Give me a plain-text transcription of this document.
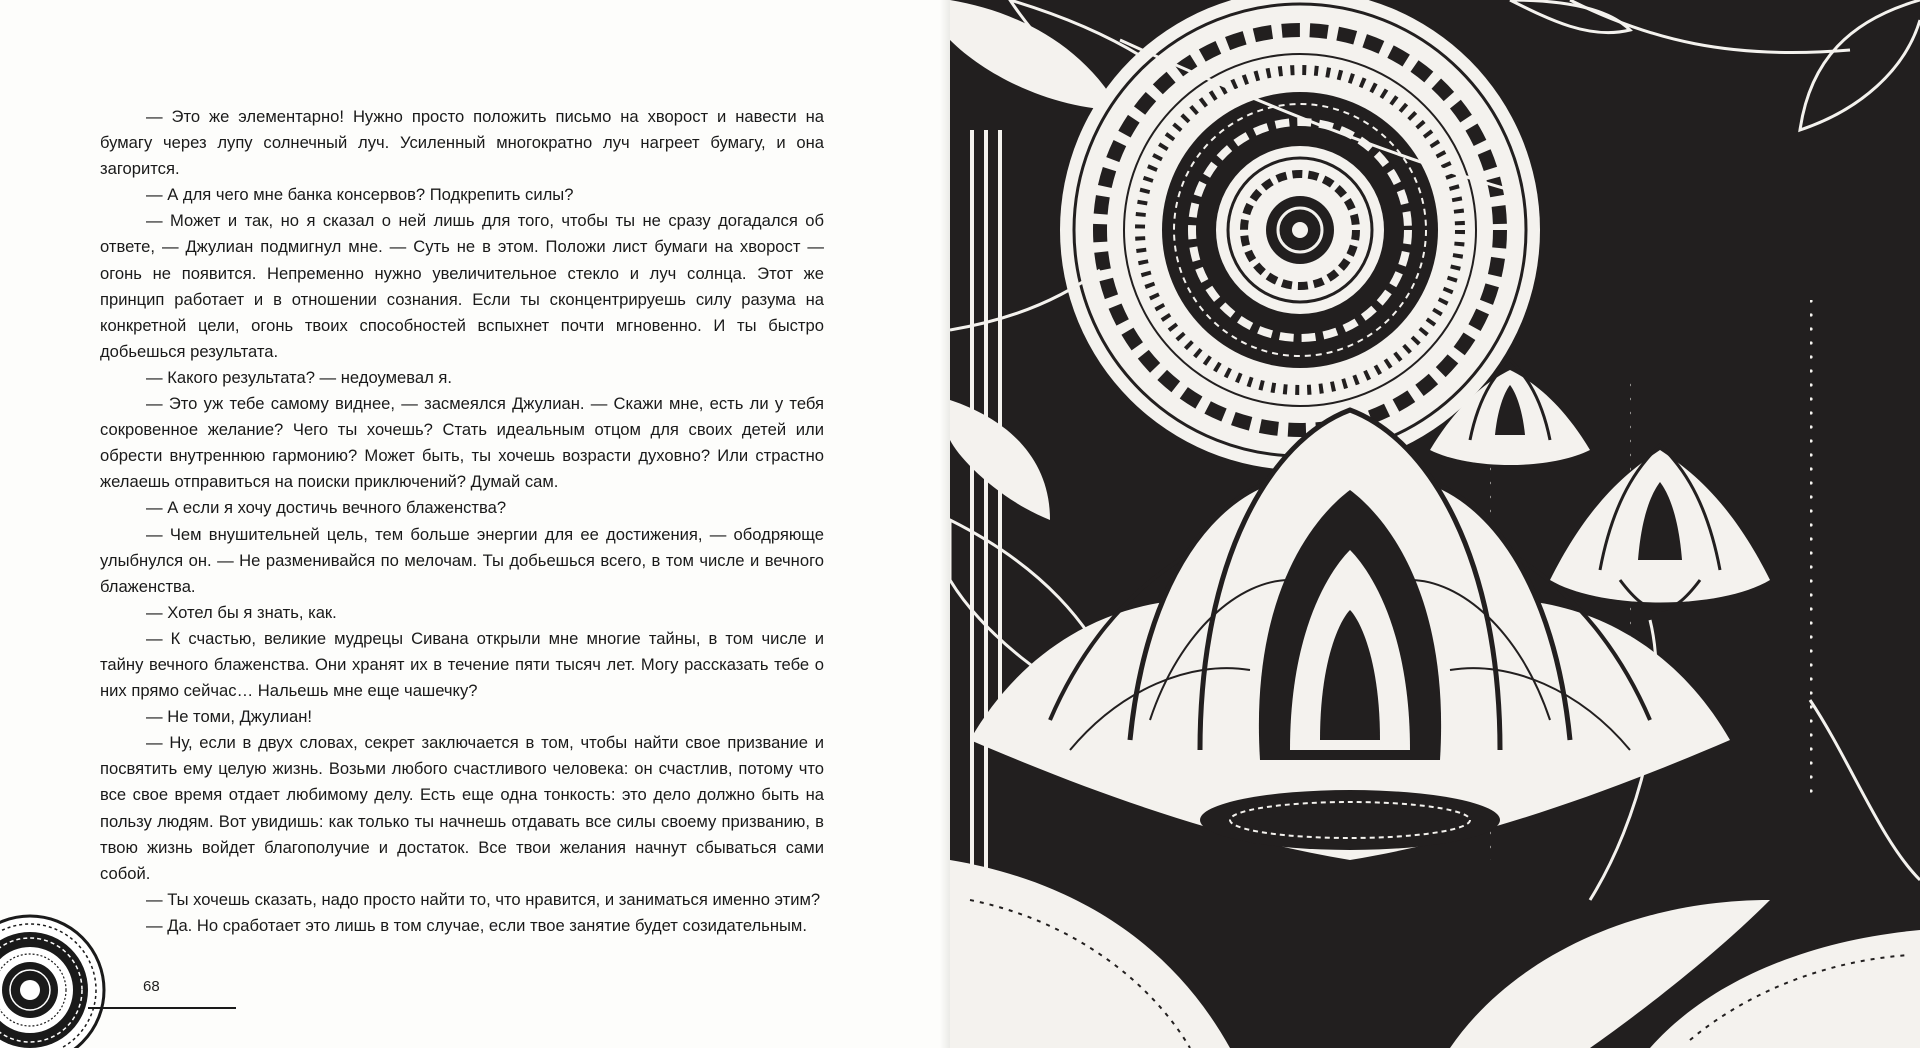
— Это же элементарно! Нужно просто положить письмо на хворост и навести на бумагу через лупу солнечный луч. Усиленный многократно луч нагреет бумагу, и она загорится.

— А для чего мне банка консервов? Подкрепить силы?

— Может и так, но я сказал о ней лишь для того, чтобы ты не сразу догадался об ответе, — Джулиан подмигнул мне. — Суть не в этом. Положи лист бумаги на хворост — огонь не появится. Непременно нужно увеличительное стекло и луч солнца. Этот же принцип работает и в отношении сознания. Если ты сконцентрируешь силу разума на конкретной цели, огонь твоих способностей вспыхнет почти мгновенно. И ты быстро добьешься результата.

— Какого результата? — недоумевал я.

— Это уж тебе самому виднее, — засмеялся Джулиан. — Скажи мне, есть ли у тебя сокровенное желание? Чего ты хочешь? Стать идеальным отцом для своих детей или обрести внутреннюю гармонию? Может быть, ты хочешь возрасти духовно? Или страстно желаешь отправиться на поиски приключений? Думай сам.

— А если я хочу достичь вечного блаженства?

— Чем внушительней цель, тем больше энергии для ее достижения, — ободряюще улыбнулся он. — Не разменивайся по мелочам. Ты добьешься всего, в том числе и вечного блаженства.

— Хотел бы я знать, как.

— К счастью, великие мудрецы Сивана открыли мне многие тайны, в том числе и тайну вечного блаженства. Они хранят их в течение пяти тысяч лет. Могу рассказать тебе о них прямо сейчас… Нальешь мне еще чашечку?

— Не томи, Джулиан!

— Ну, если в двух словах, секрет заключается в том, чтобы найти свое призвание и посвятить ему целую жизнь. Возьми любого счастливого человека: он счастлив, потому что все свое время отдает любимому делу. Есть еще одна тонкость: это дело должно быть на пользу людям. Вот увидишь: как только ты начнешь отдавать все силы своему призванию, в твою жизнь войдет благополучие и достаток. Все твои желания начнут сбываться сами собой.

— Ты хочешь сказать, надо просто найти то, что нравится, и заниматься именно этим?

— Да. Но сработает это лишь в том случае, если твое занятие будет созидательным.

68
